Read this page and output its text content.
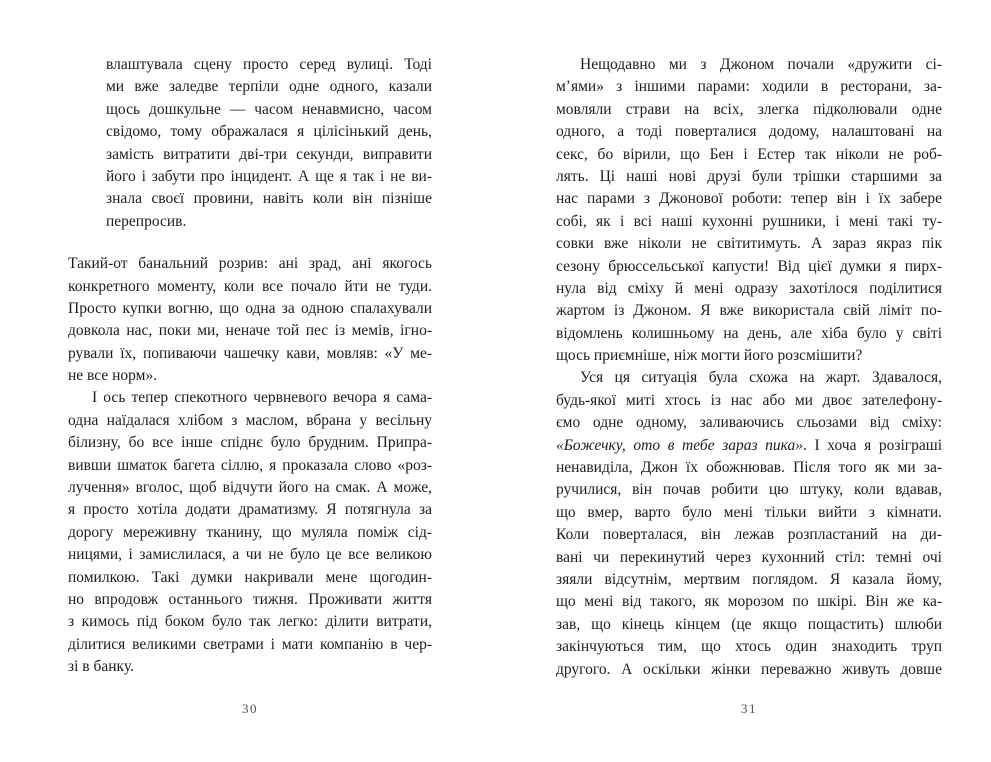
влаштувала сцену просто серед вулиці. Тоді
ми вже заледве терпіли одне одного, казали
щось дошкульне — часом ненавмисно, часом
свідомо, тому ображалася я цілісінький день,
замість витратити дві-три секунди, виправити
його і забути про інцидент. А ще я так і не ви-
знала своєї провини, навіть коли він пізніше
перепросив.
Такий-от банальний розрив: ані зрад, ані якогось
конкретного моменту, коли все почало йти не туди.
Просто купки вогню, що одна за одною спалахували
довкола нас, поки ми, неначе той пес із мемів, ігно-
рували їх, попиваючи чашечку кави, мовляв: «У ме-
не все норм».
І ось тепер спекотного червневого вечора я сама-
одна наїдалася хлібом з маслом, вбрана у весільну
білизну, бо все інше спіднє було брудним. Припра-
вивши шматок багета сіллю, я проказала слово «роз-
лучення» вголос, щоб відчути його на смак. А може,
я просто хотіла додати драматизму. Я потягнула за
дорогу мереживну тканину, що муляла поміж сід-
ницями, і замислилася, а чи не було це все великою
помилкою. Такі думки накривали мене щогодин-
но впродовж останнього тижня. Проживати життя
з кимось під боком було так легко: ділити витрати,
ділитися великими светрами і мати компанію в чер-
зі в банку.
Нещодавно ми з Джоном почали «дружити сі-
м’ями» з іншими парами: ходили в ресторани, за-
мовляли страви на всіх, злегка підколювали одне
одного, а тоді поверталися додому, налаштовані на
секс, бо вірили, що Бен і Естер так ніколи не роб-
лять. Ці наші нові друзі були трішки старшими за
нас парами з Джонової роботи: тепер він і їх забере
собі, як і всі наші кухонні рушники, і мені такі ту-
совки вже ніколи не світитимуть. А зараз якраз пік
сезону брюссельської капусти! Від цієї думки я пирх-
нула від сміху й мені одразу захотілося поділитися
жартом із Джоном. Я вже використала свій ліміт по-
відомлень колишньому на день, але хіба було у світі
щось приємніше, ніж могти його розсмішити?
Уся ця ситуація була схожа на жарт. Здавалося,
будь-якої миті хтось із нас або ми двоє зателефону-
ємо одне одному, заливаючись сльозами від сміху:
«Божечку, ото в тебе зараз пика». І хоча я розіграші
ненавиділа, Джон їх обожнював. Після того як ми за-
ручилися, він почав робити цю штуку, коли вдавав,
що вмер, варто було мені тільки вийти з кімнати.
Коли поверталася, він лежав розпластаний на ди-
вані чи перекинутий через кухонний стіл: темні очі
зяяли відсутнім, мертвим поглядом. Я казала йому,
що мені від такого, як морозом по шкірі. Він же ка-
зав, що кінець кінцем (це якщо пощастить) шлюби
закінчуються тим, що хтось один знаходить труп
другого. А оскільки жінки переважно живуть довше
30	31
